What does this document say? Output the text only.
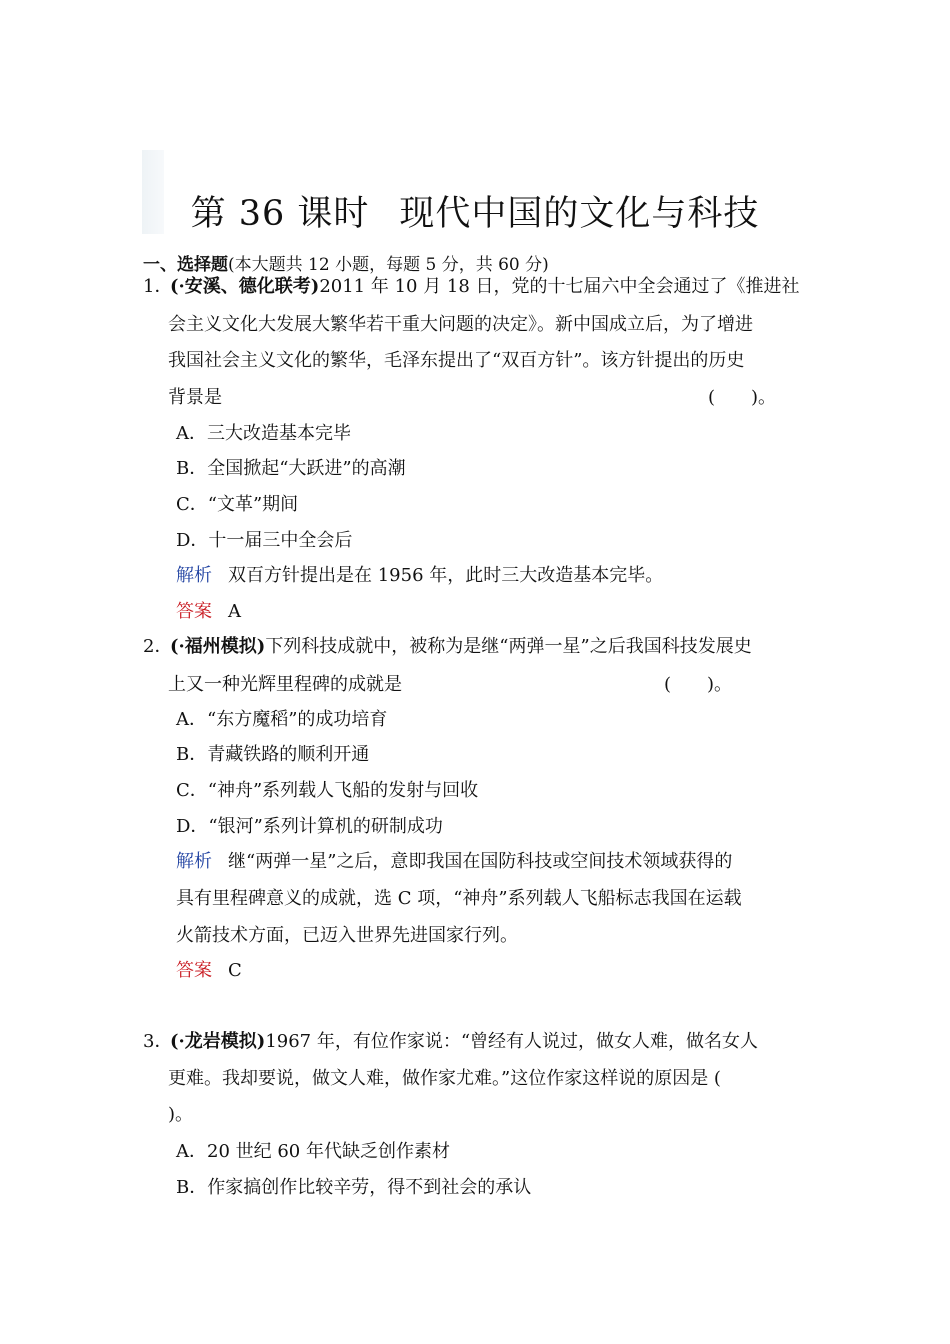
第 36 课时 现代中国的文化与科技
一、选择题(本大题共 12 小题，每题 5 分，共 60 分)
1．
(·安溪、德化联考)2011 年 10 月 18 日，党的十七届六中全会通过了《推进社
会主义文化大发展大繁华若干重大问题的决定》。新中国成立后，为了增进
我国社会主义文化的繁华，毛泽东提出了“双百方针”。该方针提出的历史
背景是	(　　)。
A．三大改造基本完毕
B．全国掀起“大跃进”的高潮
C．“文革”期间
D．十一届三中全会后
解析 双百方针提出是在 1956 年，此时三大改造基本完毕。
答案 A
2．
(·福州模拟)下列科技成就中，被称为是继“两弹一星”之后我国科技发展史
上又一种光辉里程碑的成就是	(　　)。
A．“东方魔稻”的成功培育
B．青藏铁路的顺利开通
C．“神舟”系列载人飞船的发射与回收
D．“银河”系列计算机的研制成功
解析 继“两弹一星”之后，意即我国在国防科技或空间技术领域获得的
具有里程碑意义的成就，选 C 项，“神舟”系列载人飞船标志我国在运载
火箭技术方面，已迈入世界先进国家行列。
答案 C
3．
(·龙岩模拟)1967 年，有位作家说：“曾经有人说过，做女人难，做名女人
更难。我却要说，做文人难，做作家尤难。”这位作家这样说的原因是 (
)。
A．20 世纪 60 年代缺乏创作素材
B．作家搞创作比较辛劳，得不到社会的承认
